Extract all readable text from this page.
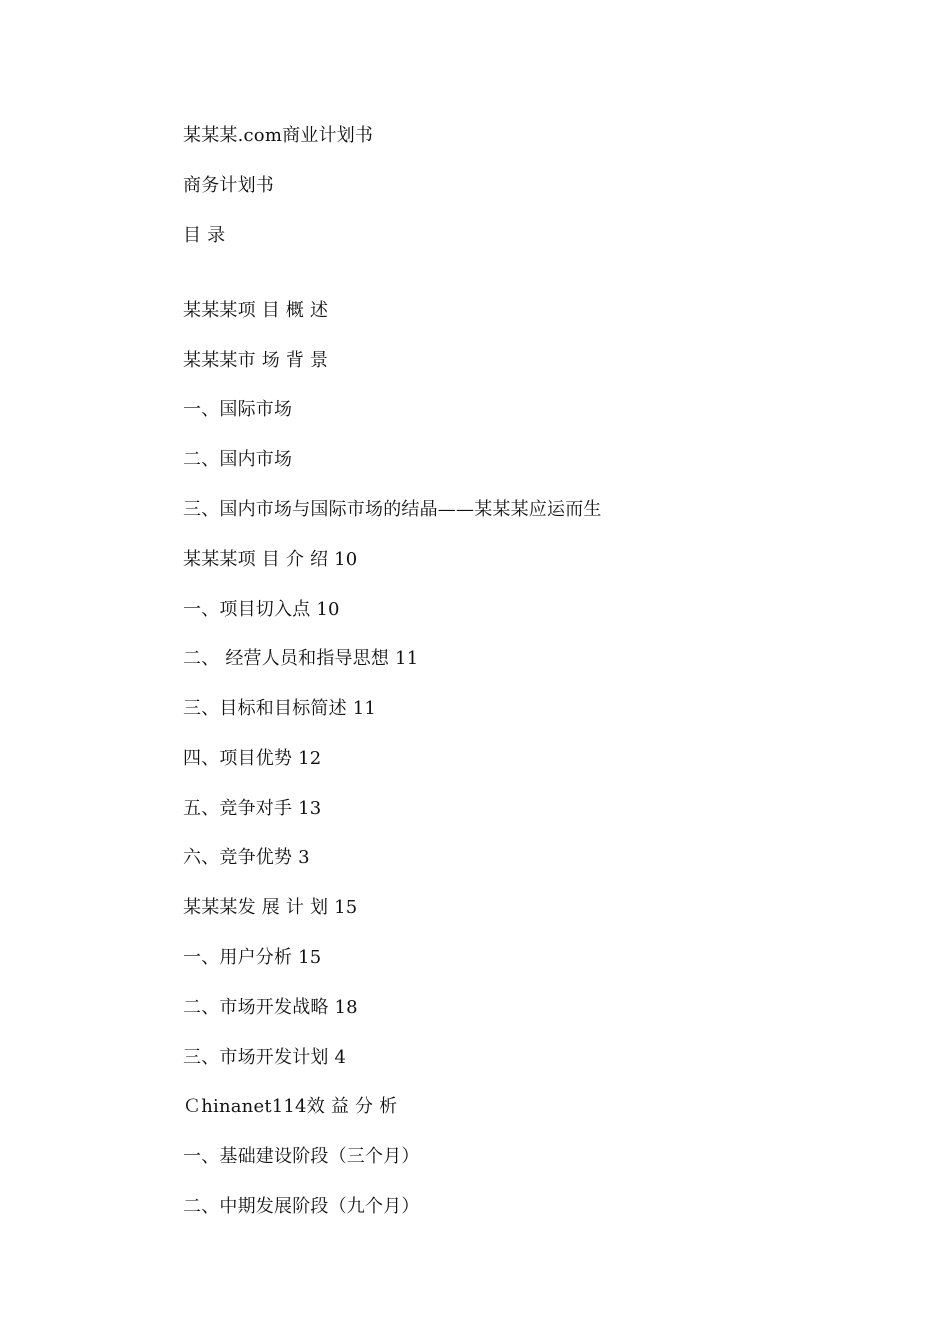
某某某.com商业计划书
商务计划书
目 录
某某某项 目 概 述
某某某市 场 背 景
一、国际市场
二、国内市场
三、国内市场与国际市场的结晶——某某某应运而生
某某某项 目 介 绍 10
一、项目切入点 10
二、 经营人员和指导思想 11
三、目标和目标简述 11
四、项目优势 12
五、竞争对手 13
六、竞争优势 3
某某某发 展 计 划 15
一、用户分析 15
二、市场开发战略 18
三、市场开发计划 4
Ｃhinanet114效 益 分 析
一、基础建设阶段（三个月）
二、中期发展阶段（九个月）
